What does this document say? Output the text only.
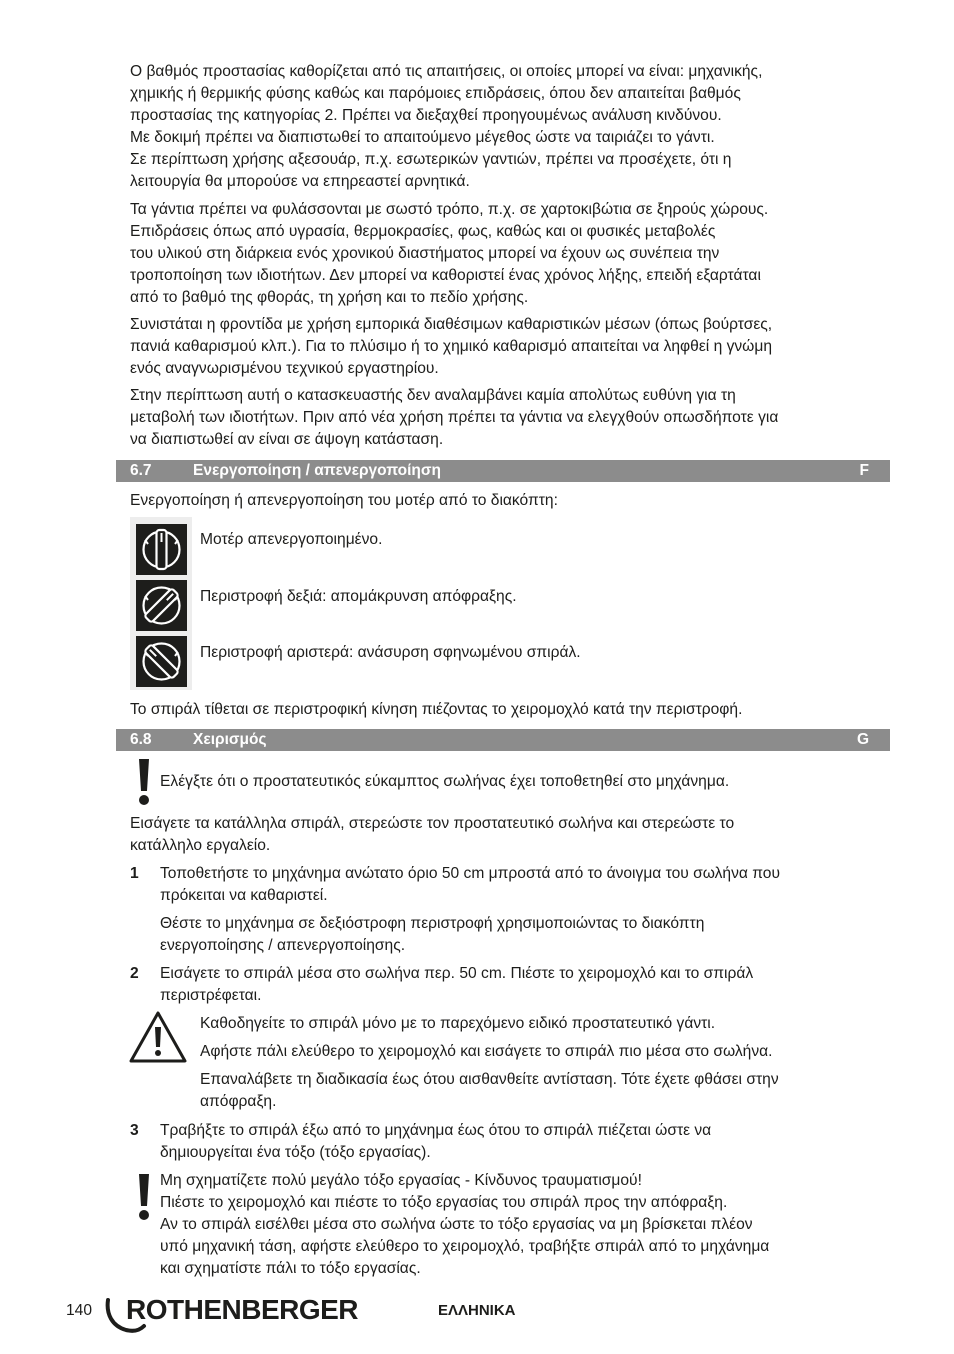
Ο βαθμός προστασίας καθορίζεται από τις απαιτήσεις, οι οποίες μπορεί να είναι: μηχανικής,
χημικής ή θερμικής φύσης καθώς και παρόμοιες επιδράσεις, όπου δεν απαιτείται βαθμός
προστασίας της κατηγορίας 2. Πρέπει να διεξαχθεί προηγουμένως ανάλυση κινδύνου.
Με δοκιμή πρέπει να διαπιστωθεί το απαιτούμενο μέγεθος ώστε να ταιριάζει το γάντι.
Σε περίπτωση χρήσης αξεσουάρ, π.χ. εσωτερικών γαντιών, πρέπει να προσέχετε, ότι η
λειτουργία θα μπορούσε να επηρεαστεί αρνητικά.
Τα γάντια πρέπει να φυλάσσονται με σωστό τρόπο, π.χ. σε χαρτοκιβώτια σε ξηρούς χώρους.
Επιδράσεις όπως από υγρασία, θερμοκρασίες, φως, καθώς και οι φυσικές μεταβολές
του υλικού στη διάρκεια ενός χρονικού διαστήματος μπορεί να έχουν ως συνέπεια την
τροποποίηση των ιδιοτήτων. Δεν μπορεί να καθοριστεί ένας χρόνος λήξης, επειδή εξαρτάται
από το βαθμό της φθοράς, τη χρήση και το πεδίο χρήσης.
Συνιστάται η φροντίδα με χρήση εμπορικά διαθέσιμων καθαριστικών μέσων (όπως βούρτσες,
πανιά καθαρισμού κλπ.). Για το πλύσιμο ή το χημικό καθαρισμό απαιτείται να ληφθεί η γνώμη
ενός αναγνωρισμένου τεχνικού εργαστηρίου.
Στην περίπτωση αυτή ο κατασκευαστής δεν αναλαμβάνει καμία απολύτως ευθύνη για τη
μεταβολή των ιδιοτήτων. Πριν από νέα χρήση πρέπει τα γάντια να ελεγχθούν οπωσδήποτε για
να διαπιστωθεί αν είναι σε άψογη κατάσταση.
6.7	Ενεργοποίηση / απενεργοποίηση	F
Ενεργοποίηση ή απενεργοποίηση του μοτέρ από το διακόπτη:
Μοτέρ απενεργοποιημένο.
Περιστροφή δεξιά: απομάκρυνση απόφραξης.
Περιστροφή αριστερά: ανάσυρση σφηνωμένου σπιράλ.
Το σπιράλ τίθεται σε περιστροφική κίνηση πιέζοντας το χειρομοχλό κατά την περιστροφή.
6.8	Χειρισμός	G
Ελέγξτε ότι ο προστατευτικός εύκαμπτος σωλήνας έχει τοποθετηθεί στο μηχάνημα.
Εισάγετε τα κατάλληλα σπιράλ, στερεώστε τον προστατευτικό σωλήνα και στερεώστε το
κατάλληλο εργαλείο.
1 Τοποθετήστε το μηχάνημα ανώτατο όριο 50 cm μπροστά από το άνοιγμα του σωλήνα που
πρόκειται να καθαριστεί.
Θέστε το μηχάνημα σε δεξιόστροφη περιστροφή χρησιμοποιώντας το διακόπτη
ενεργοποίησης / απενεργοποίησης.
2 Εισάγετε το σπιράλ μέσα στο σωλήνα περ. 50 cm. Πιέστε το χειρομοχλό και το σπιράλ
περιστρέφεται.
Καθοδηγείτε το σπιράλ μόνο με το παρεχόμενο ειδικό προστατευτικό γάντι.
Αφήστε πάλι ελεύθερο το χειρομοχλό και εισάγετε το σπιράλ πιο μέσα στο σωλήνα.
Επαναλάβετε τη διαδικασία έως ότου αισθανθείτε αντίσταση. Τότε έχετε φθάσει στην
απόφραξη.
3 Τραβήξτε το σπιράλ έξω από το μηχάνημα έως ότου το σπιράλ πιέζεται ώστε να
δημιουργείται ένα τόξο (τόξο εργασίας).
Μη σχηματίζετε πολύ μεγάλο τόξο εργασίας - Κίνδυνος τραυματισμού!
Πιέστε το χειρομοχλό και πιέστε το τόξο εργασίας του σπιράλ προς την απόφραξη.
Αν το σπιράλ εισέλθει μέσα στο σωλήνα ώστε το τόξο εργασίας να μη βρίσκεται πλέον
υπό μηχανική τάση, αφήστε ελεύθερο το χειρομοχλό, τραβήξτε σπιράλ από το μηχάνημα
και σχηματίστε πάλι το τόξο εργασίας.
140 ROTHENBERGER	ΕΛΛΗΝΙΚΑ
